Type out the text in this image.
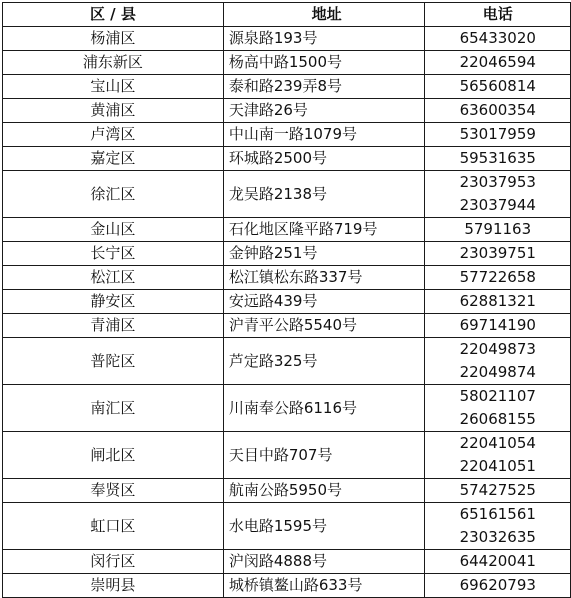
区 / 县	地址	电话
杨浦区	源泉路193号	65433020

浦东新区	杨高中路1500号	22046594

宝山区	泰和路239弄8号	56560814

黄浦区	天津路26号	63600354

卢湾区	中山南一路1079号	53017959

嘉定区	环城路2500号	59531635

徐汇区	龙吴路2138号	23037953
23037944

金山区	石化地区隆平路719号	5791163

长宁区	金钟路251号	23039751

松江区	松江镇松东路337号	57722658

静安区	安远路439号	62881321

青浦区	沪青平公路5540号	69714190

普陀区	芦定路325号	22049873
22049874

南汇区	川南奉公路6116号	58021107
26068155

闸北区	天目中路707号	22041054
22041051

奉贤区	航南公路5950号	57427525

虹口区	水电路1595号	65161561
23032635

闵行区	沪闵路4888号	64420041

崇明县	城桥镇鳌山路633号	69620793
